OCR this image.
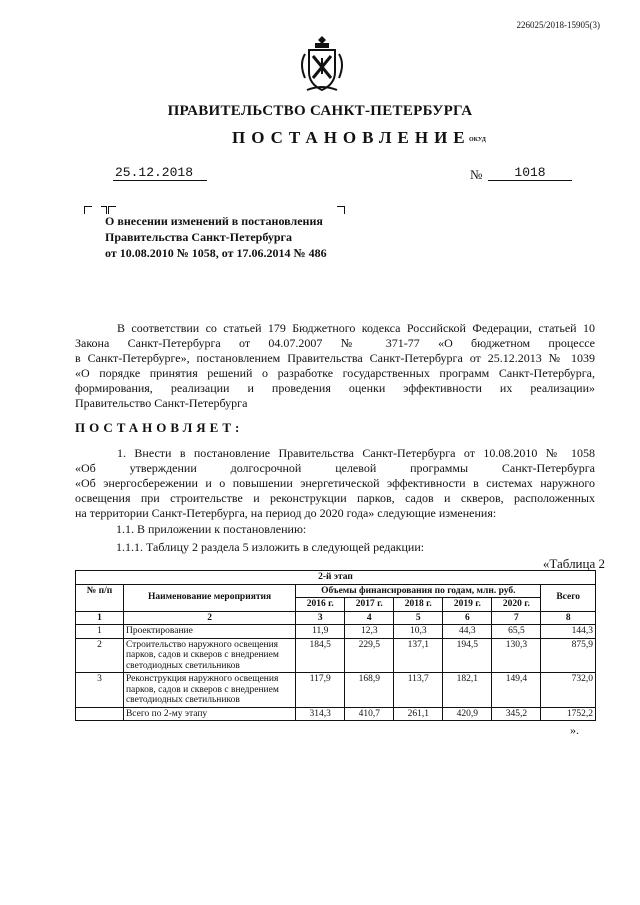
226025/2018-15905(3)
ПРАВИТЕЛЬСТВО САНКТ-ПЕТЕРБУРГА
ПОСТАНОВЛЕНИЕ
ОКУД
25.12.2018	№	1018
О внесении изменений в постановления
Правительства Санкт-Петербурга
от 10.08.2010 № 1058, от 17.06.2014 № 486
В соответствии со статьей 179 Бюджетного кодекса Российской Федерации, статьей 10
Закона Санкт-Петербурга от 04.07.2007 № 371-77 «О бюджетном процессе
в Санкт-Петербурге», постановлением Правительства Санкт-Петербурга от 25.12.2013 № 1039
«О порядке принятия решений о разработке государственных программ Санкт-Петербурга,
формирования, реализации и проведения оценки эффективности их реализации»
Правительство Санкт-Петербурга
ПОСТАНОВЛЯЕТ:
1. Внести в постановление Правительства Санкт-Петербурга от 10.08.2010 № 1058
«Об утверждении долгосрочной целевой программы Санкт-Петербурга
«Об энергосбережении и о повышении энергетической эффективности в системах наружного
освещения при строительстве и реконструкции парков, садов и скверов, расположенных
на территории Санкт-Петербурга, на период до 2020 года» следующие изменения:
1.1. В приложении к постановлению:
1.1.1. Таблицу 2 раздела 5 изложить в следующей редакции:
«Таблица 2
2-й этап							
№ п/п	Наименование мероприятия	Объемы финансирования по годам, млн. руб.					Всего
		2016 г.	2017 г.	2018 г.	2019 г.	2020 г.	
1	2	3	4	5	6	7	8
1	Проектирование	11,9	12,3	10,3	44,3	65,5	144,3
2	Строительство наружного освещения парков, садов и скверов с внедрением светодиодных светильников	184,5	229,5	137,1	194,5	130,3	875,9
3	Реконструкция наружного освещения парков, садов и скверов с внедрением светодиодных светильников	117,9	168,9	113,7	182,1	149,4	732,0
	Всего по 2-му этапу	314,3	410,7	261,1	420,9	345,2	1752,2
».
